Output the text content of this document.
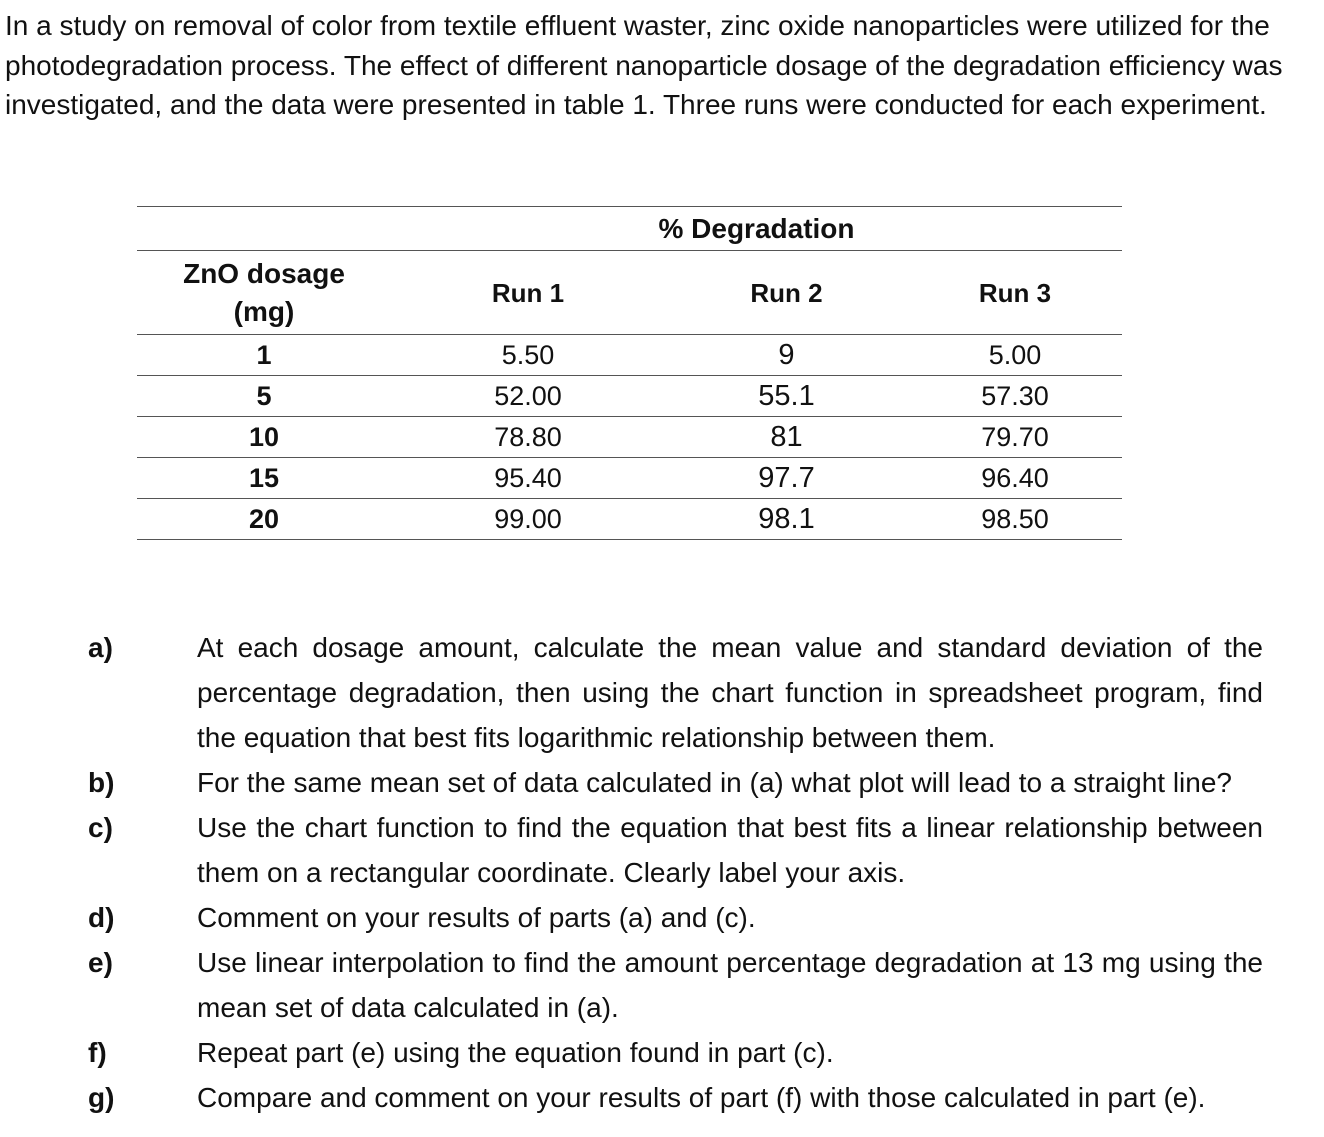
In a study on removal of color from textile effluent waster, zinc oxide nanoparticles were utilized for the photodegradation process. The effect of different nanoparticle dosage of the degradation efficiency was investigated, and the data were presented in table 1. Three runs were conducted for each experiment.

	% Degradation		
ZnO dosage (mg)	Run 1	Run 2	Run 3
1	5.50	9	5.00
5	52.00	55.1	57.30
10	78.80	81	79.70
15	95.40	97.7	96.40
20	99.00	98.1	98.50
a)	At each dosage amount, calculate the mean value and standard deviation of the percentage degradation, then using the chart function in spreadsheet program, find the equation that best fits logarithmic relationship between them.
b)	For the same mean set of data calculated in (a) what plot will lead to a straight line?
c)	Use the chart function to find the equation that best fits a linear relationship between them on a rectangular coordinate. Clearly label your axis.
d)	Comment on your results of parts (a) and (c).
e)	Use linear interpolation to find the amount percentage degradation at 13 mg using the mean set of data calculated in (a).
f)	Repeat part (e) using the equation found in part (c).
g)	Compare and comment on your results of part (f) with those calculated in part (e).
